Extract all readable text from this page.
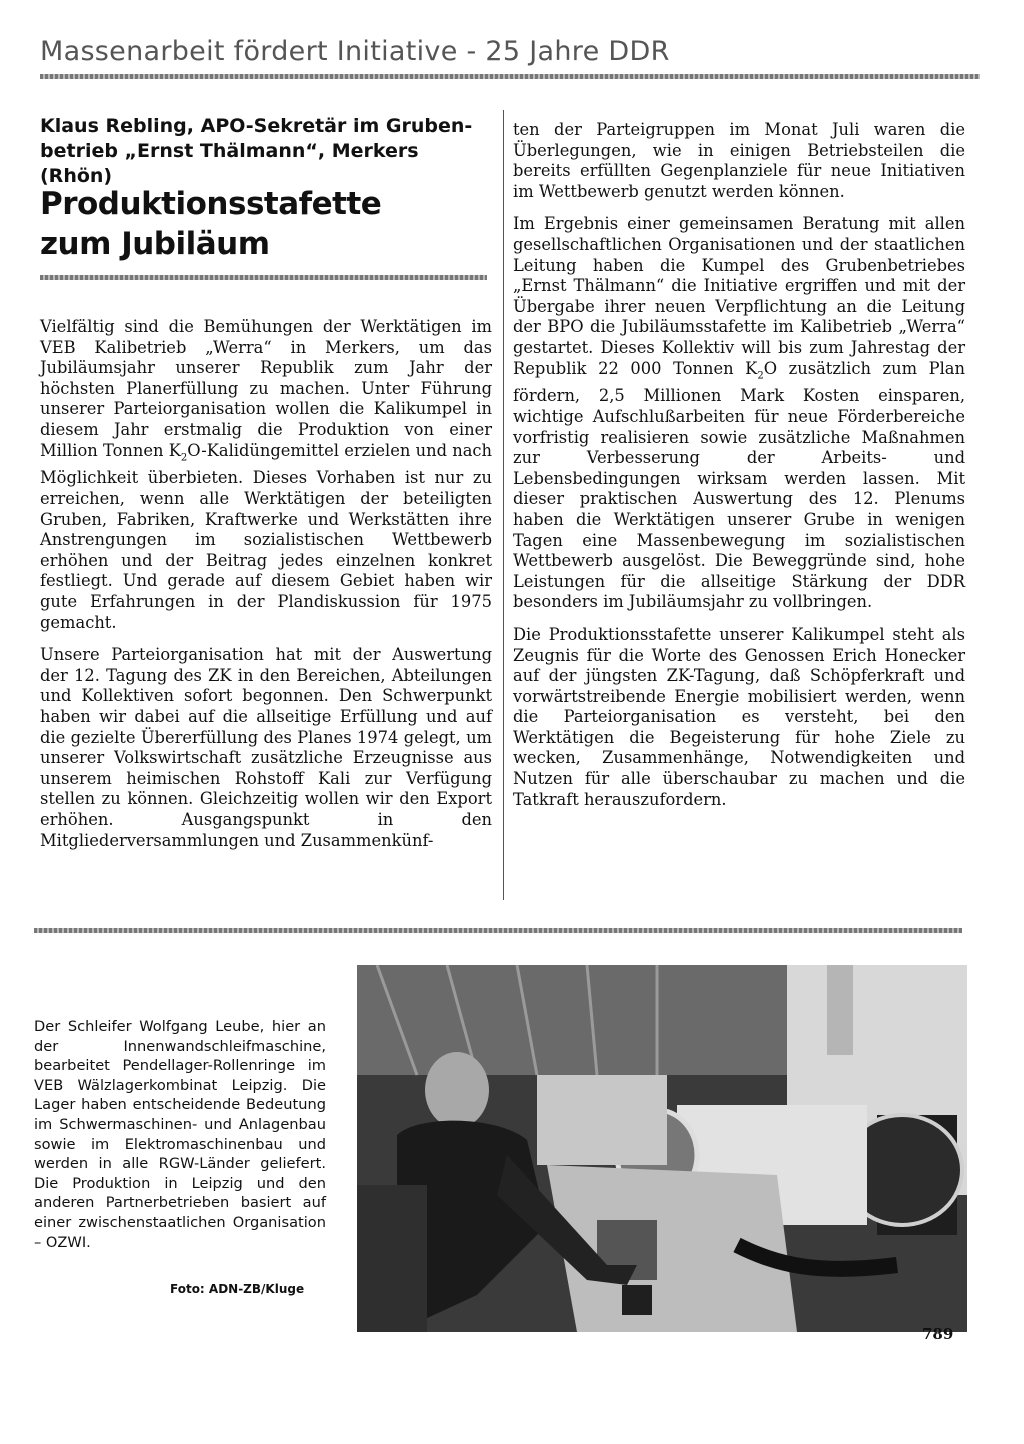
Massenarbeit fördert Initiative - 25 Jahre DDR
Klaus Rebling, APO-Sekretär im Gruben-
betrieb „Ernst Thälmann“, Merkers (Rhön)
Produktionsstafette
zum Jubiläum

Vielfältig sind die Bemühungen der Werktätigen im VEB Kalibetrieb „Werra“ in Merkers, um das Jubiläumsjahr unserer Republik zum Jahr der höchsten Planerfüllung zu machen. Unter Führung unserer Parteiorganisation wollen die Kalikumpel in diesem Jahr erstmalig die Produktion von einer Million Tonnen $K_2O$-Kalidüngemittel erzielen und nach Möglichkeit überbieten. Dieses Vorhaben ist nur zu erreichen, wenn alle Werktätigen der beteiligten Gruben, Fabriken, Kraftwerke und Werkstätten ihre Anstrengungen im sozialistischen Wettbewerb erhöhen und der Beitrag jedes einzelnen konkret festliegt. Und gerade auf diesem Gebiet haben wir gute Erfahrungen in der Plandiskussion für 1975 gemacht.

Unsere Parteiorganisation hat mit der Auswertung der 12. Tagung des ZK in den Bereichen, Abteilungen und Kollektiven sofort begonnen. Den Schwerpunkt haben wir dabei auf die allseitige Erfüllung und auf die gezielte Übererfüllung des Planes 1974 gelegt, um unserer Volkswirtschaft zusätzliche Erzeugnisse aus unserem heimischen Rohstoff Kali zur Verfügung stellen zu können. Gleichzeitig wollen wir den Export erhöhen. Ausgangspunkt in den Mitgliederversammlungen und Zusammenkünf-

ten der Parteigruppen im Monat Juli waren die Überlegungen, wie in einigen Betriebsteilen die bereits erfüllten Gegenplanziele für neue Initiativen im Wettbewerb genutzt werden können.

Im Ergebnis einer gemeinsamen Beratung mit allen gesellschaftlichen Organisationen und der staatlichen Leitung haben die Kumpel des Grubenbetriebes „Ernst Thälmann“ die Initiative ergriffen und mit der Übergabe ihrer neuen Verpflichtung an die Leitung der BPO die Jubiläumsstafette im Kalibetrieb „Werra“ gestartet. Dieses Kollektiv will bis zum Jahrestag der Republik 22 000 Tonnen $K_2O$ zusätzlich zum Plan fördern, 2,5 Millionen Mark Kosten einsparen, wichtige Aufschlußarbeiten für neue Förderbereiche vorfristig realisieren sowie zusätzliche Maßnahmen zur Verbesserung der Arbeits- und Lebensbedingungen wirksam werden lassen. Mit dieser praktischen Auswertung des 12. Plenums haben die Werktätigen unserer Grube in wenigen Tagen eine Massenbewegung im sozialistischen Wettbewerb ausgelöst. Die Beweggründe sind, hohe Leistungen für die allseitige Stärkung der DDR besonders im Jubiläumsjahr zu vollbringen.

Die Produktionsstafette unserer Kalikumpel steht als Zeugnis für die Worte des Genossen Erich Honecker auf der jüngsten ZK-Tagung, daß Schöpferkraft und vorwärtstreibende Energie mobilisiert werden, wenn die Parteiorganisation es versteht, bei den Werktätigen die Begeisterung für hohe Ziele zu wecken, Zusammenhänge, Notwendigkeiten und Nutzen für alle überschaubar zu machen und die Tatkraft herauszufordern.

Der Schleifer Wolfgang Leube, hier an der Innenwandschleifmaschine, bearbeitet Pendellager-Rollenringe im VEB Wälzlagerkombinat Leipzig. Die Lager haben entscheidende Bedeutung im Schwermaschinen- und Anlagenbau sowie im Elektromaschinenbau und werden in alle RGW-Länder geliefert. Die Produktion in Leipzig und den anderen Partnerbetrieben basiert auf einer zwischenstaatlichen Organisation – OZWI.
Foto: ADN-ZB/Kluge
789
